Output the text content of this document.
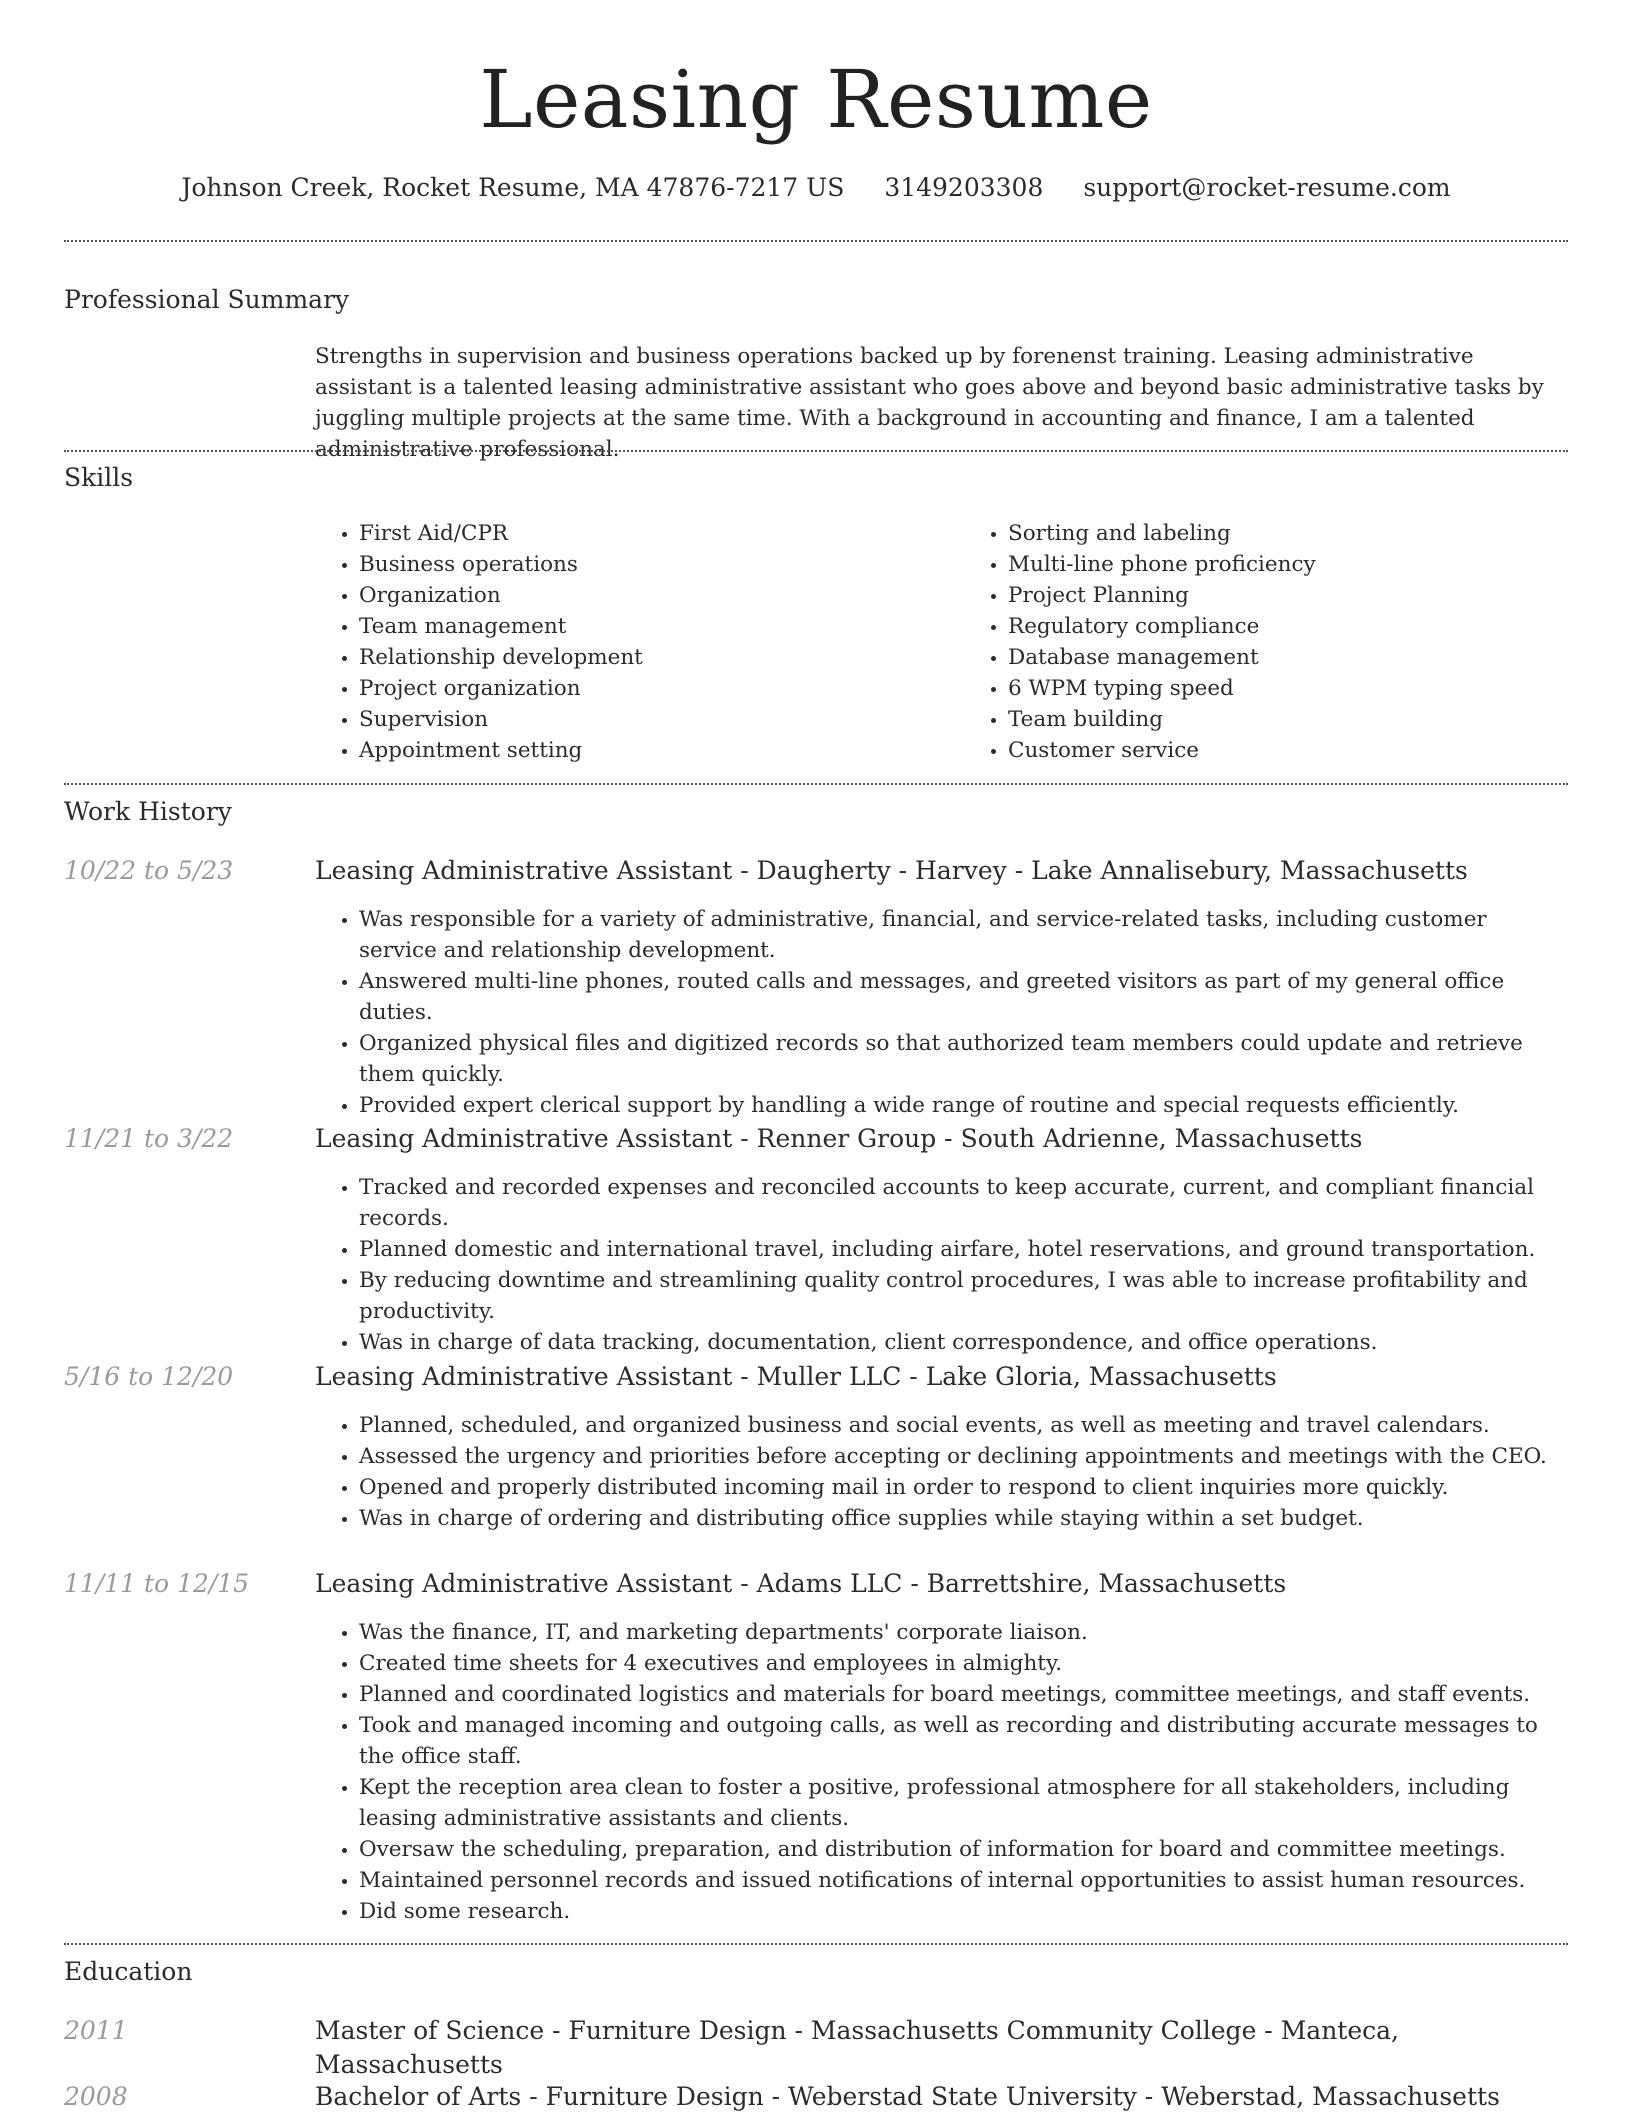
Leasing Resume
Johnson Creek, Rocket Resume, MA 47876-7217 US 3149203308 support@rocket-resume.com
Professional Summary
Strengths in supervision and business operations backed up by forenenst training. Leasing administrative assistant is a talented leasing administrative assistant who goes above and beyond basic administrative tasks by juggling multiple projects at the same time. With a background in accounting and finance, I am a talented administrative professional.
Skills
• First Aid/CPR
• Business operations
• Organization
• Team management
• Relationship development
• Project organization
• Supervision
• Appointment setting
• Sorting and labeling
• Multi-line phone proficiency
• Project Planning
• Regulatory compliance
• Database management
• 6 WPM typing speed
• Team building
• Customer service
Work History
10/22 to 5/23	Leasing Administrative Assistant - Daugherty - Harvey - Lake Annalisebury, Massachusetts
• Was responsible for a variety of administrative, financial, and service-related tasks, including customer service and relationship development.
• Answered multi-line phones, routed calls and messages, and greeted visitors as part of my general office duties.
• Organized physical files and digitized records so that authorized team members could update and retrieve them quickly.
• Provided expert clerical support by handling a wide range of routine and special requests efficiently.
11/21 to 3/22	Leasing Administrative Assistant - Renner Group - South Adrienne, Massachusetts
• Tracked and recorded expenses and reconciled accounts to keep accurate, current, and compliant financial records.
• Planned domestic and international travel, including airfare, hotel reservations, and ground transportation.
• By reducing downtime and streamlining quality control procedures, I was able to increase profitability and productivity.
• Was in charge of data tracking, documentation, client correspondence, and office operations.
5/16 to 12/20	Leasing Administrative Assistant - Muller LLC - Lake Gloria, Massachusetts
• Planned, scheduled, and organized business and social events, as well as meeting and travel calendars.
• Assessed the urgency and priorities before accepting or declining appointments and meetings with the CEO.
• Opened and properly distributed incoming mail in order to respond to client inquiries more quickly.
• Was in charge of ordering and distributing office supplies while staying within a set budget.
11/11 to 12/15	Leasing Administrative Assistant - Adams LLC - Barrettshire, Massachusetts
• Was the finance, IT, and marketing departments' corporate liaison.
• Created time sheets for 4 executives and employees in almighty.
• Planned and coordinated logistics and materials for board meetings, committee meetings, and staff events.
• Took and managed incoming and outgoing calls, as well as recording and distributing accurate messages to the office staff.
• Kept the reception area clean to foster a positive, professional atmosphere for all stakeholders, including leasing administrative assistants and clients.
• Oversaw the scheduling, preparation, and distribution of information for board and committee meetings.
• Maintained personnel records and issued notifications of internal opportunities to assist human resources.
• Did some research.
Education
2011	Master of Science - Furniture Design - Massachusetts Community College - Manteca, Massachusetts
2008	Bachelor of Arts - Furniture Design - Weberstad State University - Weberstad, Massachusetts
